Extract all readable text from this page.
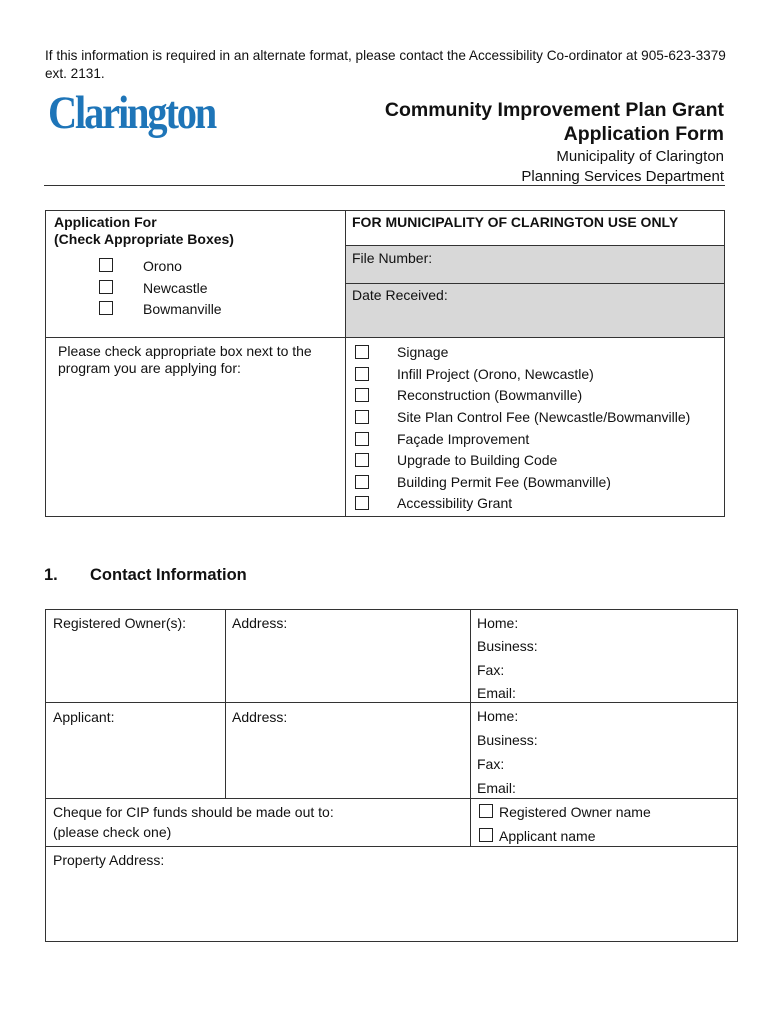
If this information is required in an alternate format, please contact the Accessibility Co-ordinator at 905-623-3379 ext. 2131.
Clarington	Community Improvement Plan Grant
Application Form
Municipality of Clarington
Planning Services Department
Application For
(Check Appropriate Boxes)
Orono
Newcastle
Bowmanville
FOR MUNICIPALITY OF CLARINGTON USE ONLY
File Number:
Date Received:
Please check appropriate box next to the program you are applying for:
Signage
Infill Project (Orono, Newcastle)
Reconstruction (Bowmanville)
Site Plan Control Fee (Newcastle/Bowmanville)
Façade Improvement
Upgrade to Building Code
Building Permit Fee (Bowmanville)
Accessibility Grant
1. Contact Information
Registered Owner(s):	Address:	Home:
Business:
Fax:
Email:
Applicant:	Address:	Home:
Business:
Fax:
Email:
Cheque for CIP funds should be made out to:
(please check one)
Registered Owner name
Applicant name
Property Address:
